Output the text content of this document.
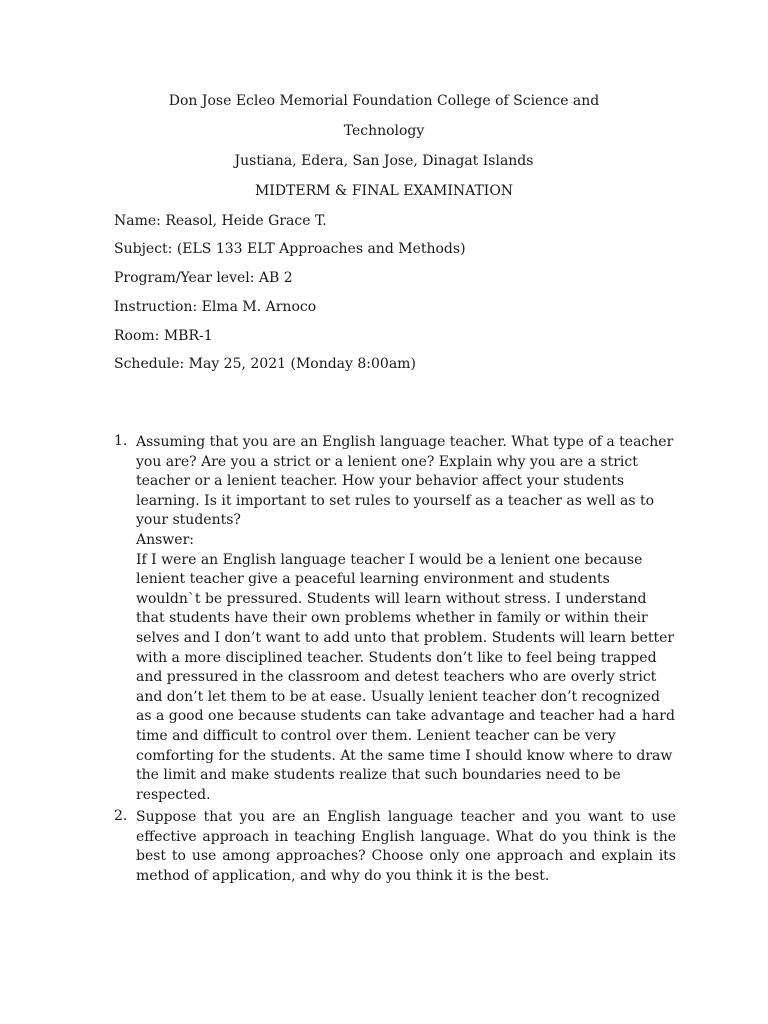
Don Jose Ecleo Memorial Foundation College of Science and
Technology
Justiana, Edera, San Jose, Dinagat Islands
MIDTERM & FINAL EXAMINATION
Name: Reasol, Heide Grace T.
Subject: (ELS 133 ELT Approaches and Methods)
Program/Year level: AB 2
Instruction: Elma M. Arnoco
Room: MBR-1
Schedule: May 25, 2021 (Monday 8:00am)
1. Assuming that you are an English language teacher. What type of a teacher you are? Are you a strict or a lenient one? Explain why you are a strict teacher or a lenient teacher. How your behavior affect your students learning. Is it important to set rules to yourself as a teacher as well as to your students?

Answer:

If I were an English language teacher I would be a lenient one because lenient teacher give a peaceful learning environment and students wouldn`t be pressured. Students will learn without stress. I understand that students have their own problems whether in family or within their selves and I don’t want to add unto that problem. Students will learn better with a more disciplined teacher. Students don’t like to feel being trapped and pressured in the classroom and detest teachers who are overly strict and don’t let them to be at ease. Usually lenient teacher don’t recognized as a good one because students can take advantage and teacher had a hard time and difficult to control over them. Lenient teacher can be very comforting for the students. At the same time I should know where to draw the limit and make students realize that such boundaries need to be respected.

2. Suppose that you are an English language teacher and you want to use effective approach in teaching English language. What do you think is the best to use among approaches? Choose only one approach and explain its method of application, and why do you think it is the best.
